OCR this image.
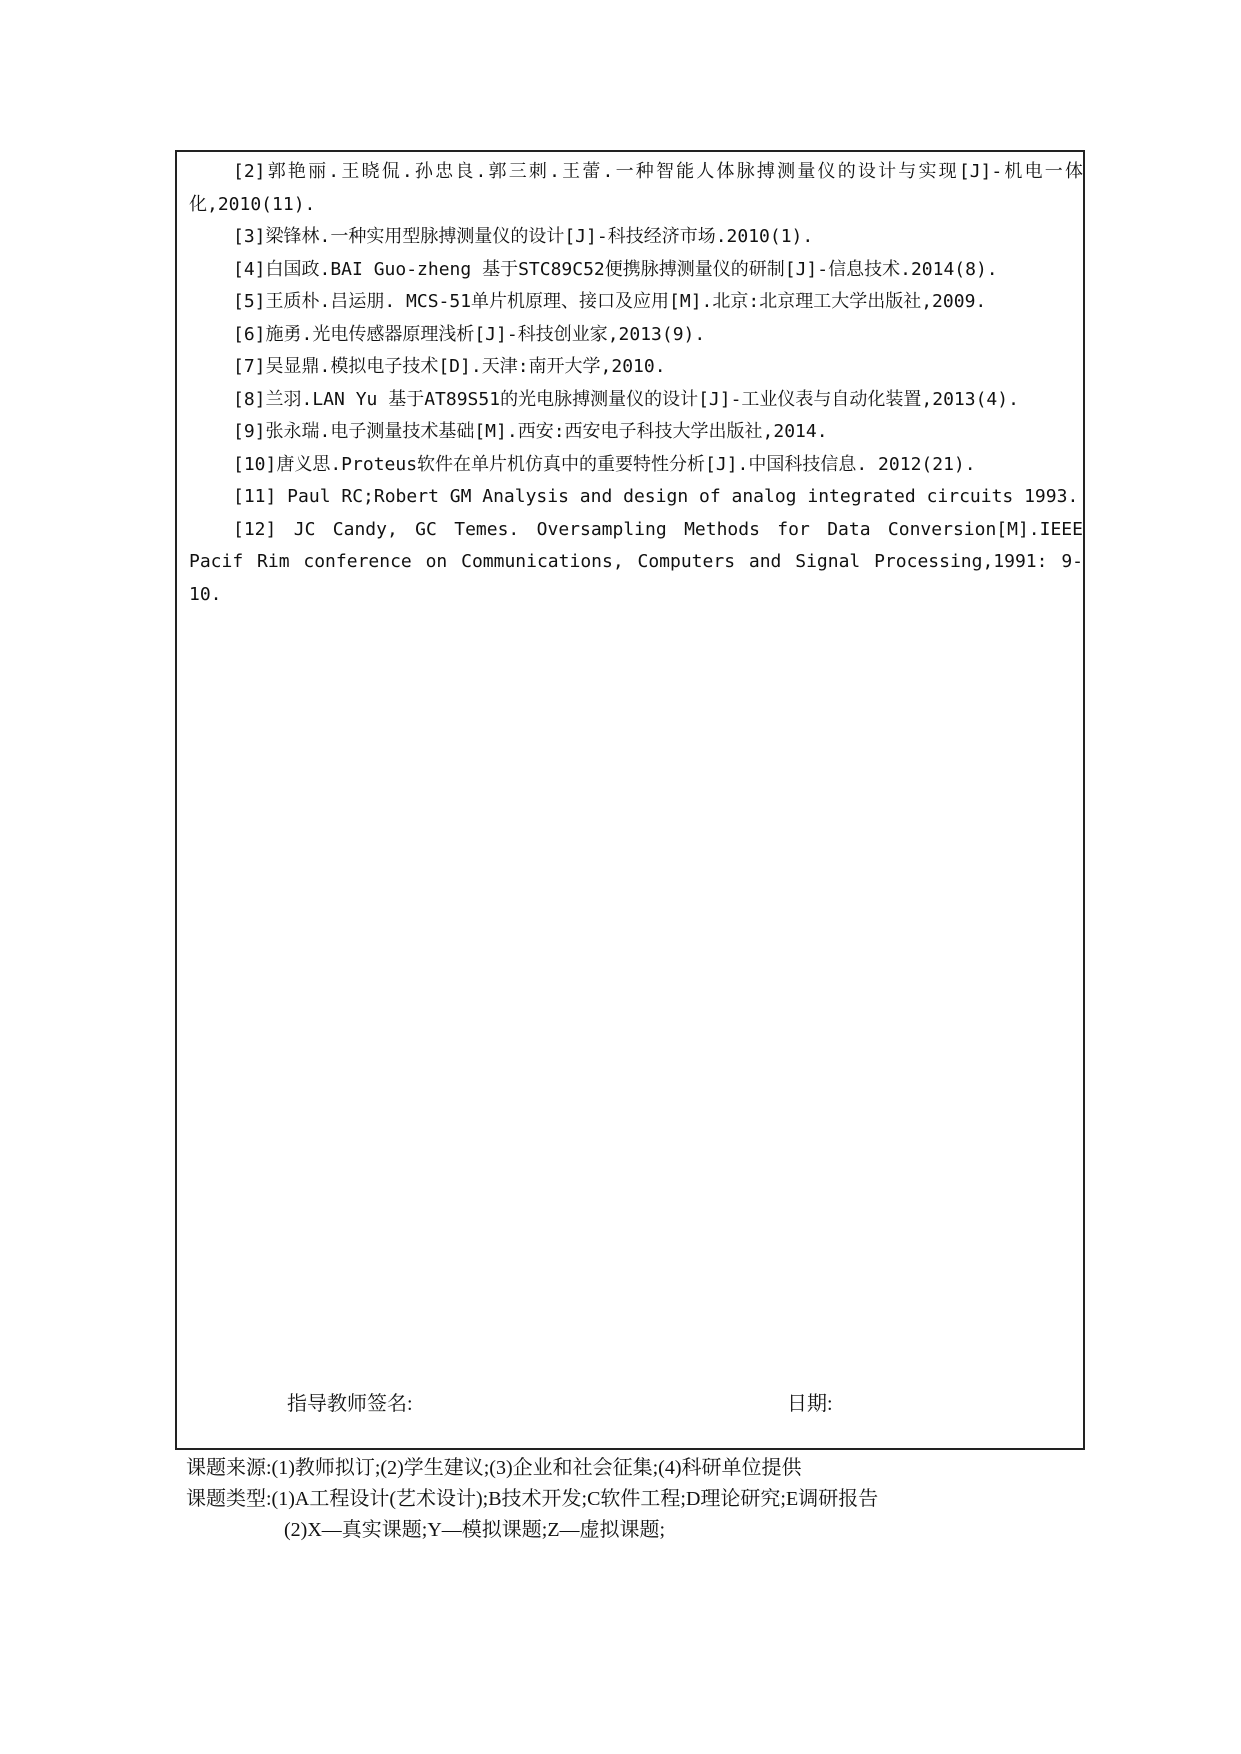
[2]郭艳丽.王晓侃.孙忠良.郭三刺.王蕾.一种智能人体脉搏测量仪的设计与实现[J]-机电一体化,2010(11).

[3]梁锋林.一种实用型脉搏测量仪的设计[J]-科技经济市场.2010(1).

[4]白国政.BAI Guo-zheng 基于STC89C52便携脉搏测量仪的研制[J]-信息技术.2014(8).

[5]王质朴.吕运朋. MCS-51单片机原理、接口及应用[M].北京:北京理工大学出版社,2009.

[6]施勇.光电传感器原理浅析[J]-科技创业家,2013(9).

[7]吴显鼎.模拟电子技术[D].天津:南开大学,2010.

[8]兰羽.LAN Yu 基于AT89S51的光电脉搏测量仪的设计[J]-工业仪表与自动化装置,2013(4).

[9]张永瑞.电子测量技术基础[M].西安:西安电子科技大学出版社,2014.

[10]唐义思.Proteus软件在单片机仿真中的重要特性分析[J].中国科技信息. 2012(21).

[11] Paul RC;Robert GM Analysis and design of analog integrated circuits 1993.

[12] JC Candy, GC Temes. Oversampling Methods for Data Conversion[M].IEEE Pacif Rim conference on Communications, Computers and Signal Processing,1991: 9-10.

指导教师签名:	日期:

课题来源:(1)教师拟订;(2)学生建议;(3)企业和社会征集;(4)科研单位提供

课题类型:(1)A工程设计(艺术设计);B技术开发;C软件工程;D理论研究;E调研报告

(2)X—真实课题;Y—模拟课题;Z—虚拟课题;
